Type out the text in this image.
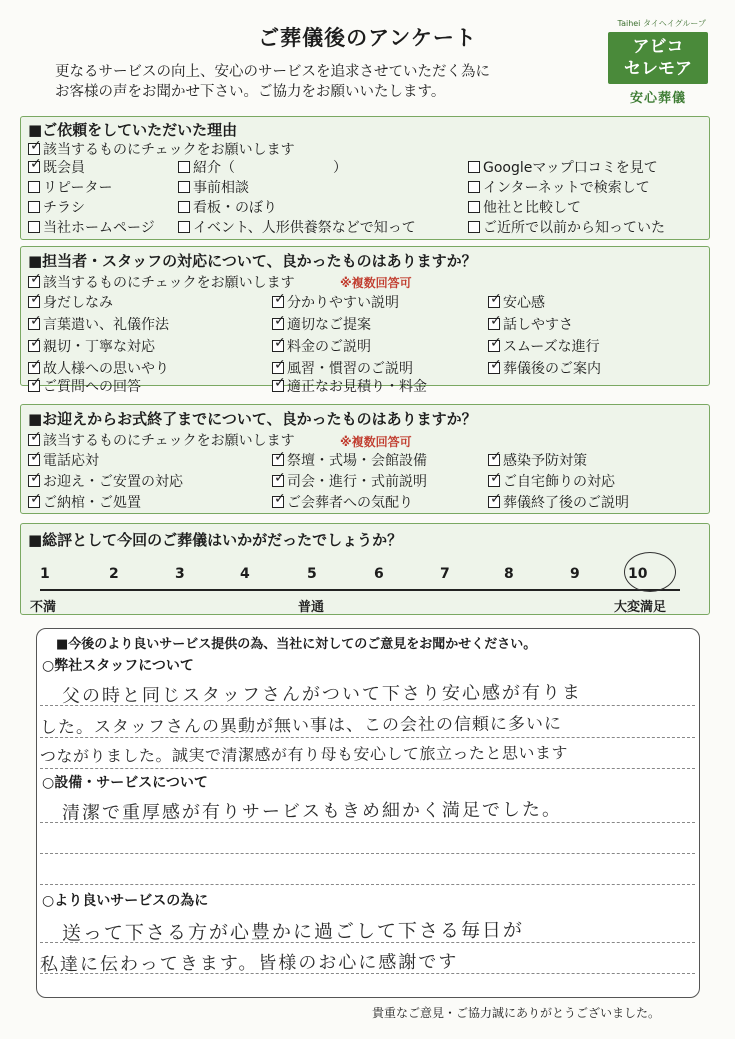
ご葬儀後のアンケート
更なるサービスの向上、安心のサービスを追求させていただく為に
お客様の声をお聞かせ下さい。ご協力をお願いいたします。
Taihei タイヘイグループ
アビコ
セレモア
安心葬儀
■ご依頼をしていただいた理由
✓該当するものにチェックをお願いします
✓既会員	紹介（　　　　　　　）	Googleマップ口コミを見て
リピーター	事前相談	インターネットで検索して
チラシ	看板・のぼり	他社と比較して
当社ホームページ	イベント、人形供養祭などで知って	ご近所で以前から知っていた
■担当者・スタッフの対応について、良かったものはありますか？
✓該当するものにチェックをお願いします	※複数回答可
✓身だしなみ ✓	分かりやすい説明 ✓	安心感
✓言葉遣い、礼儀作法 ✓	適切なご提案 ✓	話しやすさ
✓親切・丁寧な対応 ✓	料金のご説明 ✓	スムーズな進行
✓故人様への思いやり ✓	風習・慣習のご説明 ✓	葬儀後のご案内
✓ご質問への回答 ✓	適正なお見積り・料金
■お迎えからお式終了までについて、良かったものはありますか？
✓該当するものにチェックをお願いします	※複数回答可
✓電話応対 ✓	祭壇・式場・会館設備 ✓	感染予防対策
✓お迎え・ご安置の対応 ✓	司会・進行・式前説明 ✓	ご自宅飾りの対応
✓ご納棺・ご処置 ✓	ご会葬者への気配り ✓	葬儀終了後のご説明
■総評として今回のご葬儀はいかがだったでしょうか？
1	2	3	4	5	6	7	8	9	10
不満	普通	大変満足
■今後のより良いサービス提供の為、当社に対してのご意見をお聞かせください。
○弊社スタッフについて
父の時と同じスタッフさんがついて下さり安心感が有りま
した。スタッフさんの異動が無い事は、この会社の信頼に多いに
つながりました。誠実で清潔感が有り母も安心して旅立ったと思います
○設備・サービスについて
清潔で重厚感が有りサービスもきめ細かく満足でした。
○より良いサービスの為に
送って下さる方が心豊かに過ごして下さる毎日が
私達に伝わってきます。皆様のお心に感謝です
貴重なご意見・ご協力誠にありがとうございました。
